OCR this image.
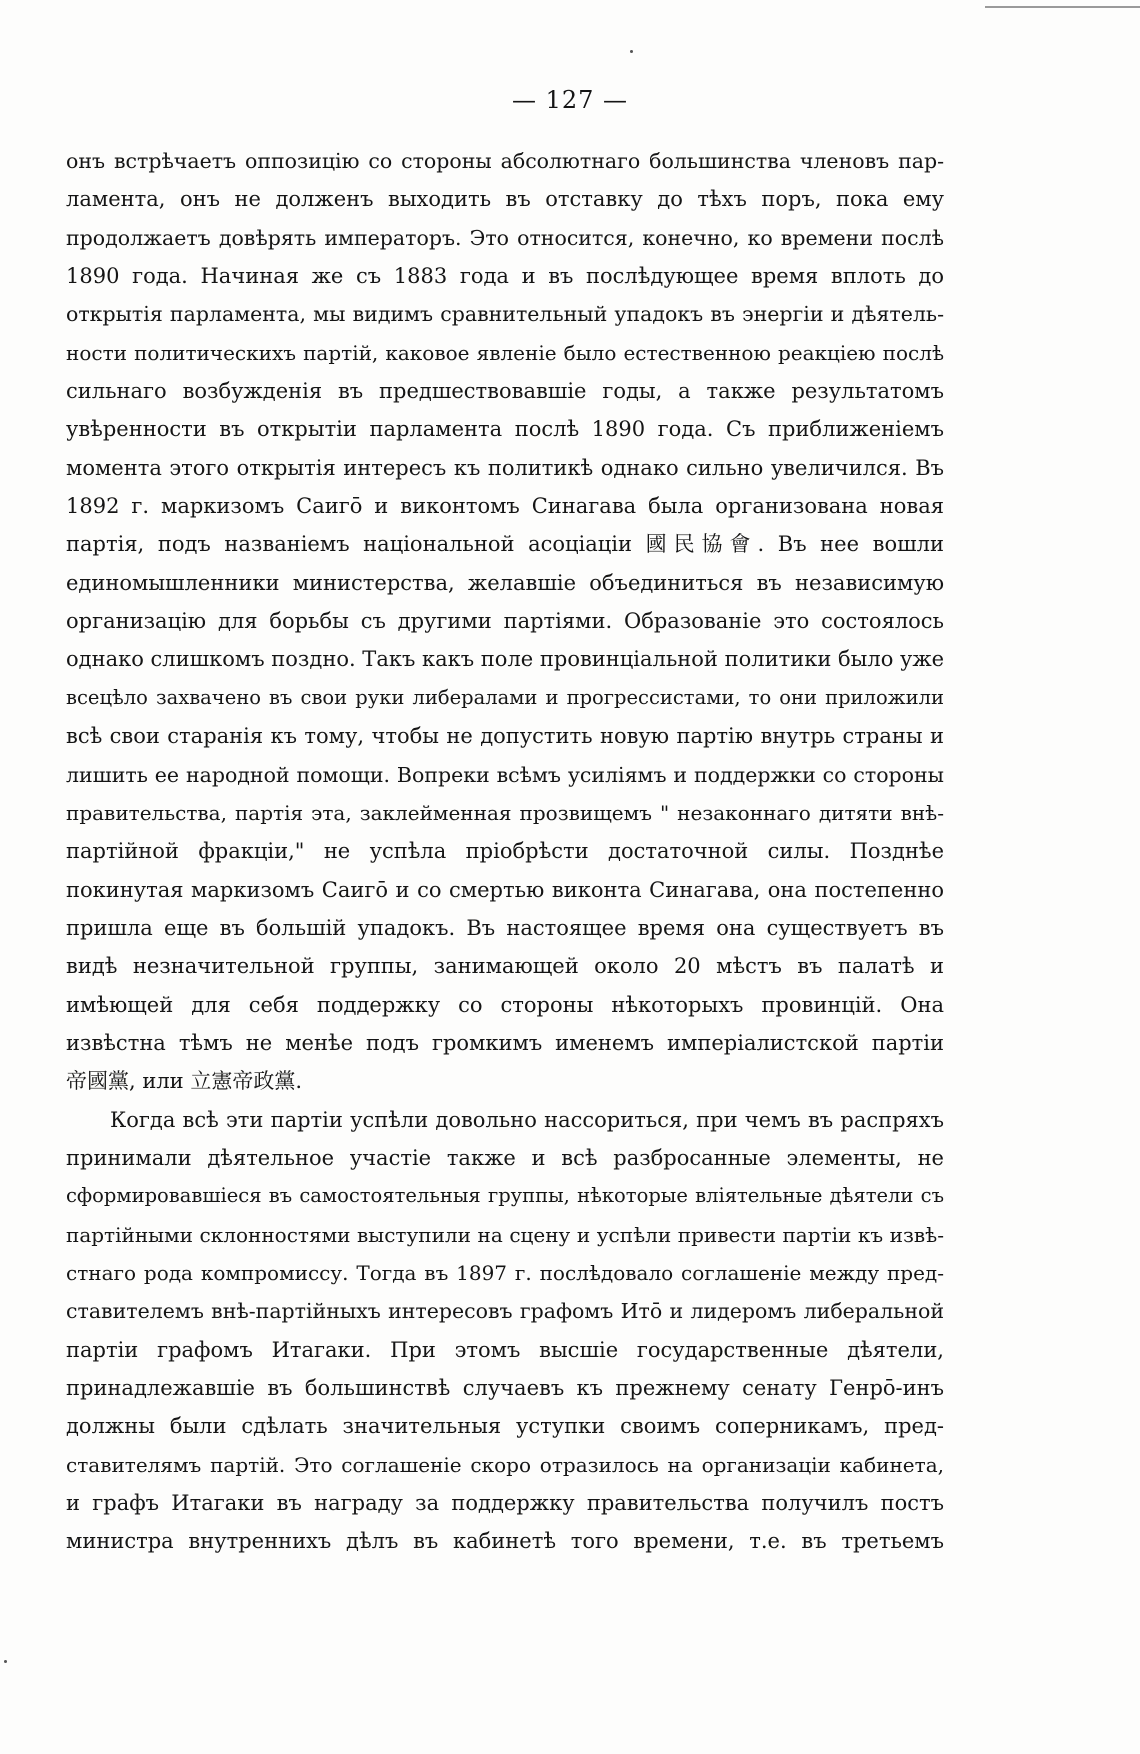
— 127 —
онъ встрѣчаетъ оппозицію со стороны абсолютнаго большинства членовъ пар-
ламента, онъ не долженъ выходить въ отставку до тѣхъ поръ, пока ему
продолжаетъ довѣрять императоръ. Это относится, конечно, ко времени послѣ
1890 года. Начиная же съ 1883 года и въ послѣдующее время вплоть до
открытія парламента, мы видимъ сравнительный упадокъ въ энергіи и дѣятель-
ности политическихъ партій, каковое явленіе было естественною реакціею послѣ
сильнаго возбужденія въ предшествовавшіе годы, а также результатомъ
увѣренности въ открытіи парламента послѣ 1890 года. Съ приближеніемъ
момента этого открытія интересъ къ политикѣ однако сильно увеличился. Въ
1892 г. маркизомъ Саигō и виконтомъ Синагава была организована новая
партія, подъ названіемъ національной асоціаціи 國民協會. Въ нее вошли
единомышленники министерства, желавшіе объединиться въ независимую
организацію для борьбы съ другими партіями. Образованіе это состоялось
однако слишкомъ поздно. Такъ какъ поле провинціальной политики было уже
всецѣло захвачено въ свои руки либералами и прогрессистами, то они приложили
всѣ свои старанія къ тому, чтобы не допустить новую партію внутрь страны и
лишить ее народной помощи. Вопреки всѣмъ усиліямъ и поддержки со стороны
правительства, партія эта, заклейменная прозвищемъ " незаконнаго дитяти внѣ-
партійной фракціи," не успѣла пріобрѣсти достаточной силы. Позднѣе
покинутая маркизомъ Саигō и со смертью виконта Синагава, она постепенно
пришла еще въ большій упадокъ. Въ настоящее время она существуетъ въ
видѣ незначительной группы, занимающей около 20 мѣстъ въ палатѣ и
имѣющей для себя поддержку со стороны нѣкоторыхъ провинцій. Она
извѣстна тѣмъ не менѣе подъ громкимъ именемъ имперіалистской партіи
帝國黨, или 立憲帝政黨.
Когда всѣ эти партіи успѣли довольно нассориться, при чемъ въ распряхъ
принимали дѣятельное участіе также и всѣ разбросанные элементы, не
сформировавшіеся въ самостоятельныя группы, нѣкоторые вліятельные дѣятели съ
партійными склонностями выступили на сцену и успѣли привести партіи къ извѣ-
стнаго рода компромиссу. Тогда въ 1897 г. послѣдовало соглашеніе между пред-
ставителемъ внѣ-партійныхъ интересовъ графомъ Итō и лидеромъ либеральной
партіи графомъ Итагаки. При этомъ высшіе государственные дѣятели,
принадлежавшіе въ большинствѣ случаевъ къ прежнему сенату Генрō-инъ
должны были сдѣлать значительныя уступки своимъ соперникамъ, пред-
ставителямъ партій. Это соглашеніе скоро отразилось на организаціи кабинета,
и графъ Итагаки въ награду за поддержку правительства получилъ постъ
министра внутреннихъ дѣлъ въ кабинетѣ того времени, т.е. въ третьемъ
